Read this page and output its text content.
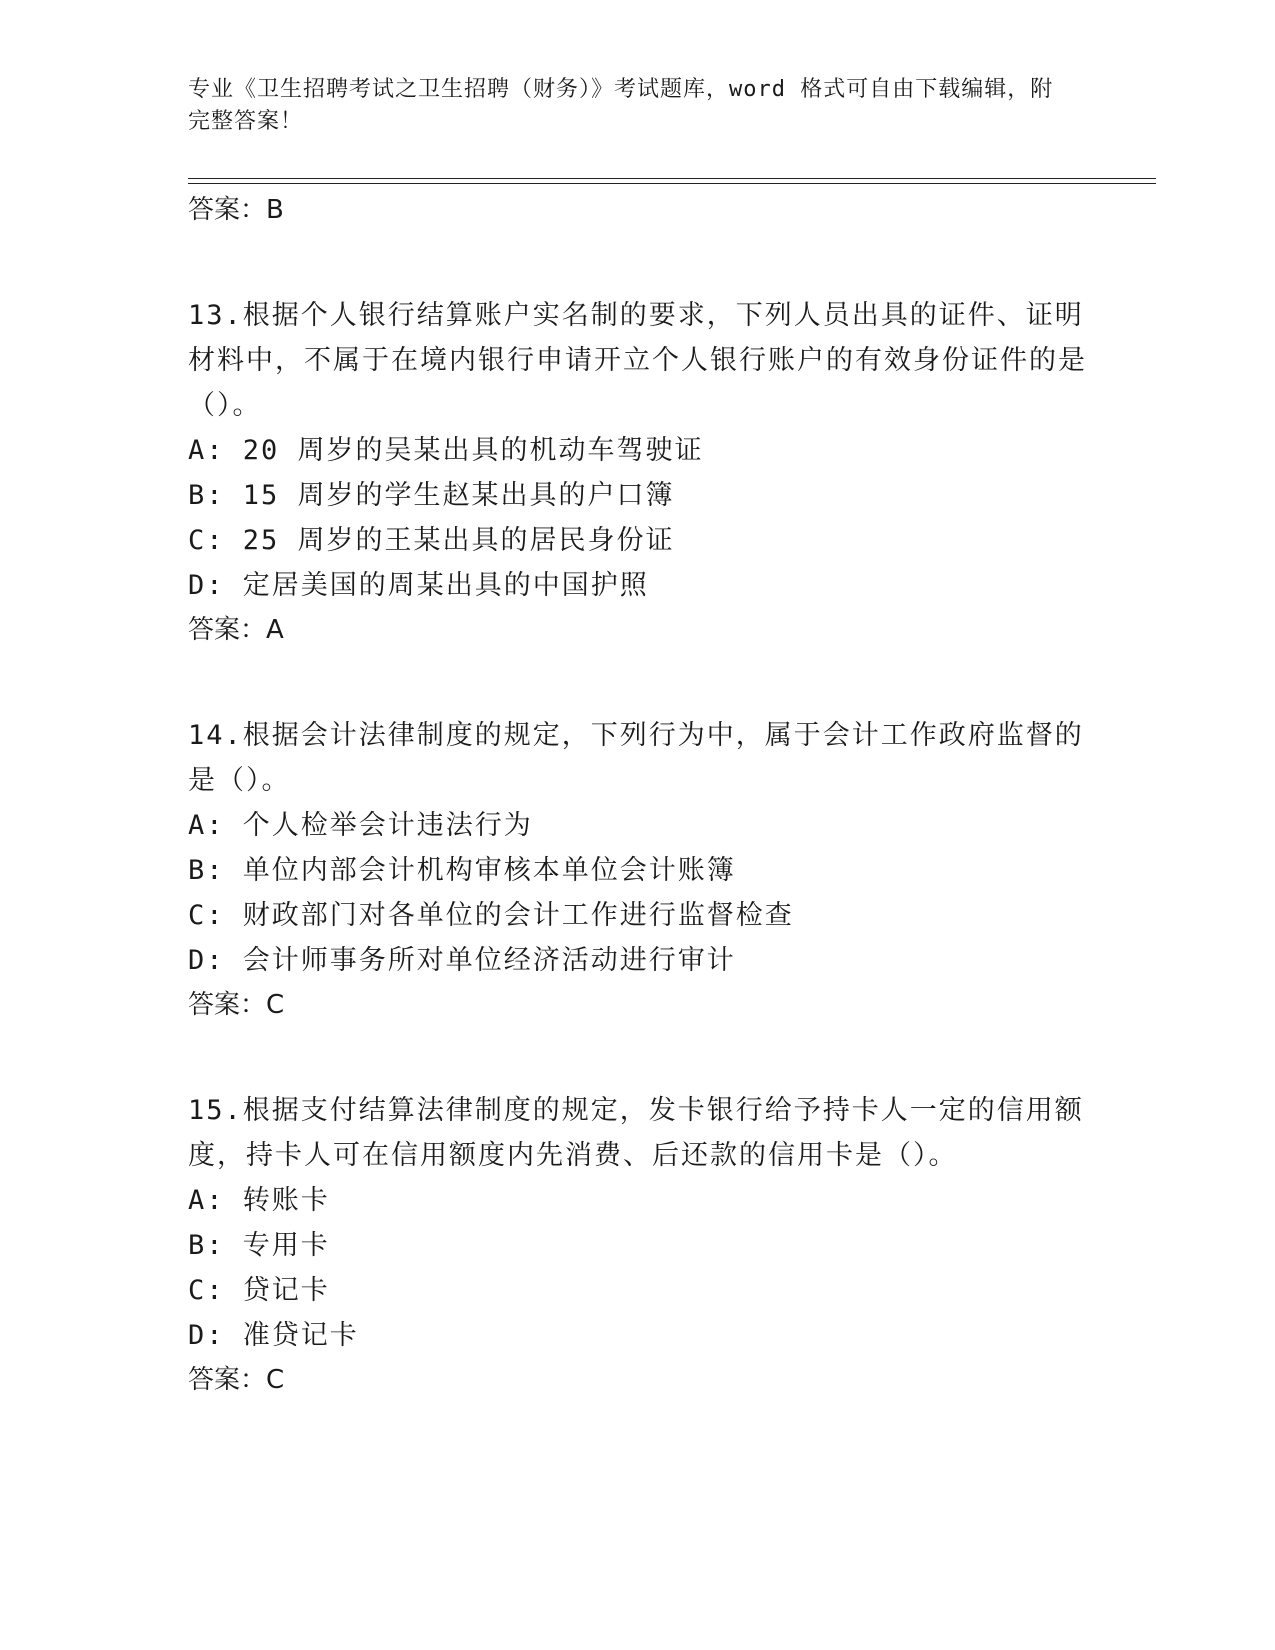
专业《卫生招聘考试之卫生招聘（财务）》考试题库，word 格式可自由下载编辑，附完整答案！

答案：B

13.根据个人银行结算账户实名制的要求，下列人员出具的证件、证明材料中，不属于在境内银行申请开立个人银行账户的有效身份证件的是（）。

A: 20 周岁的吴某出具的机动车驾驶证

B: 15 周岁的学生赵某出具的户口簿

C: 25 周岁的王某出具的居民身份证

D: 定居美国的周某出具的中国护照

答案：A

14.根据会计法律制度的规定，下列行为中，属于会计工作政府监督的是（）。

A: 个人检举会计违法行为

B: 单位内部会计机构审核本单位会计账簿

C: 财政部门对各单位的会计工作进行监督检查

D: 会计师事务所对单位经济活动进行审计

答案：C

15.根据支付结算法律制度的规定，发卡银行给予持卡人一定的信用额度，持卡人可在信用额度内先消费、后还款的信用卡是（）。

A: 转账卡

B: 专用卡

C: 贷记卡

D: 准贷记卡

答案：C
